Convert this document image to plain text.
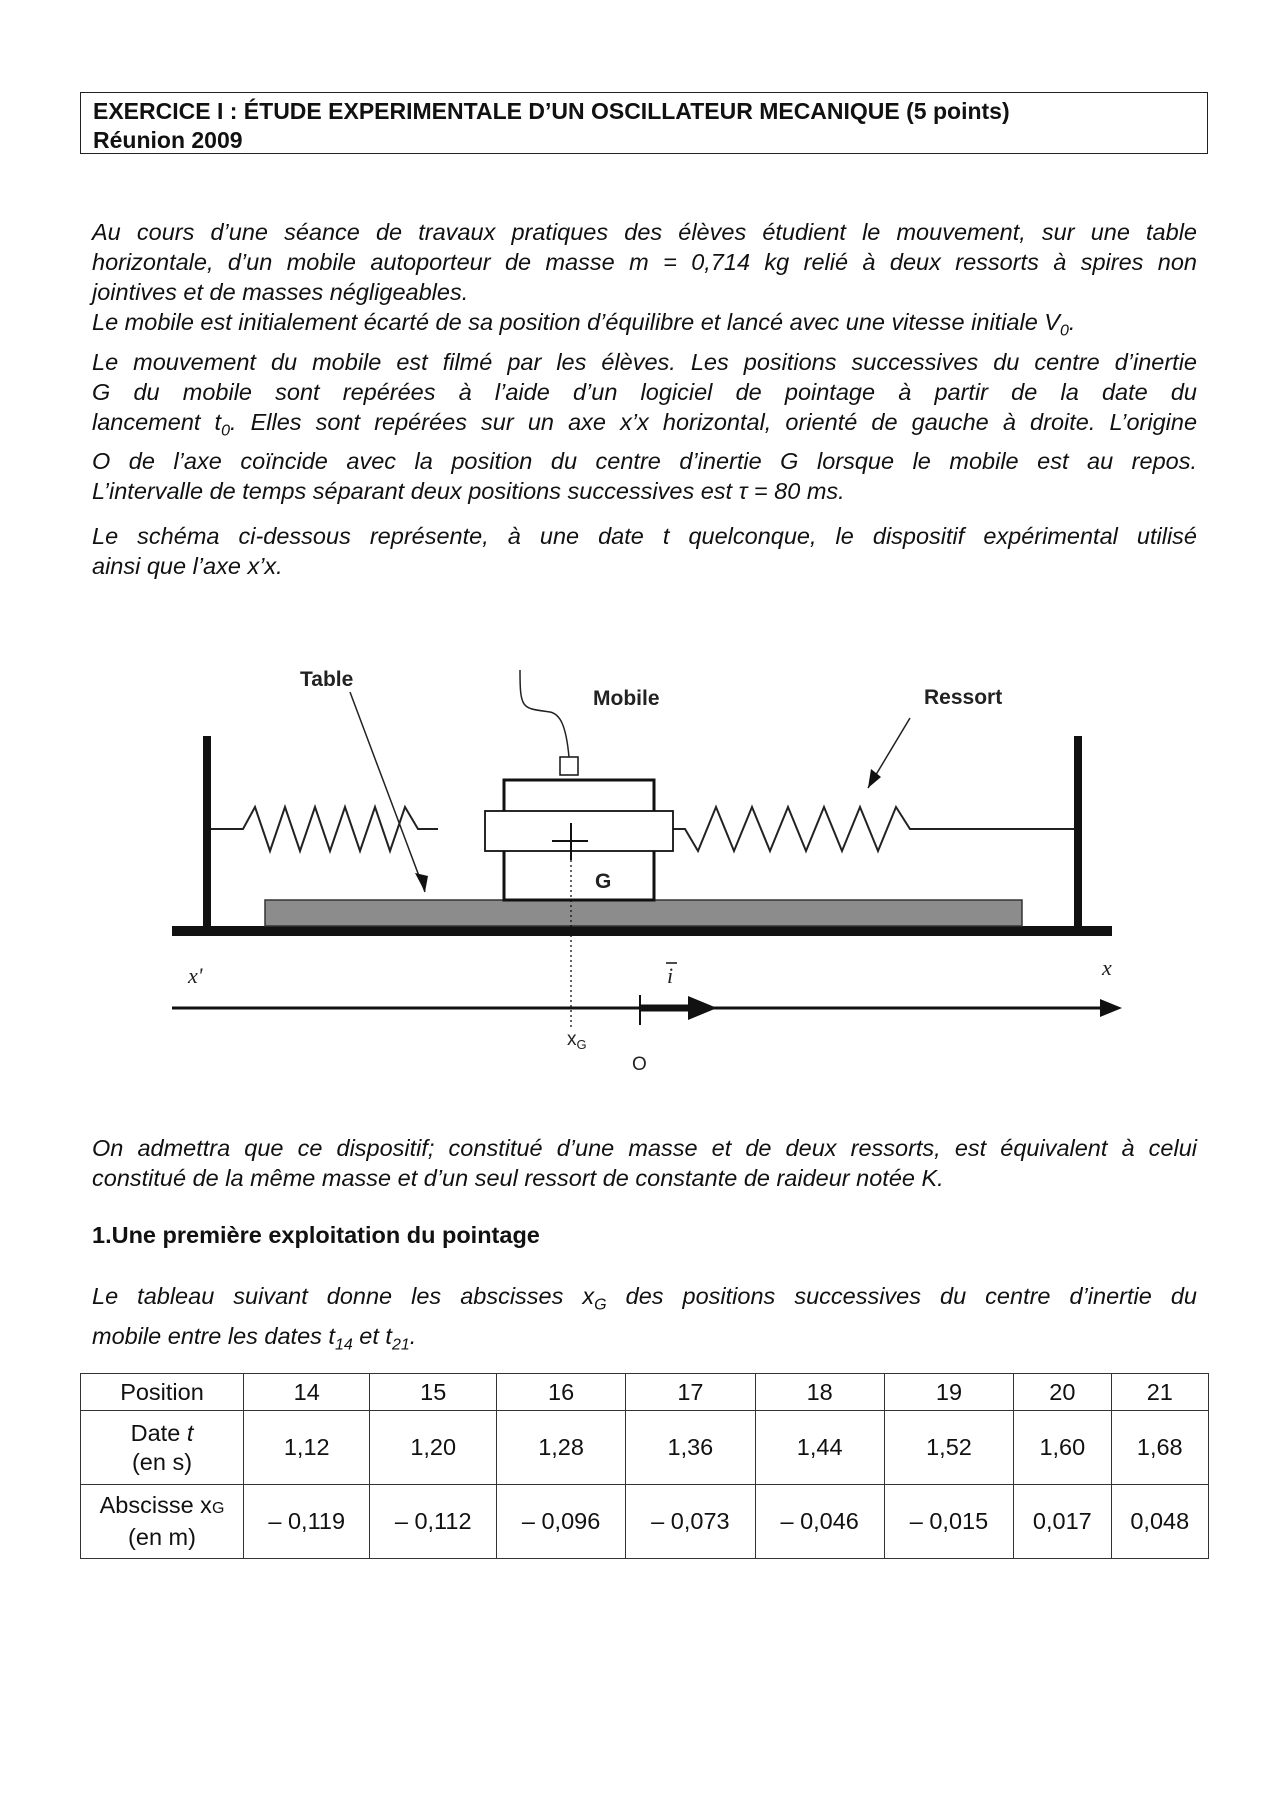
EXERCICE I : ÉTUDE EXPERIMENTALE D’UN OSCILLATEUR MECANIQUE (5 points)
Réunion 2009
Au cours d’une séance de travaux pratiques des élèves étudient le mouvement, sur une table
horizontale, d’un mobile autoporteur de masse m = 0,714 kg relié à deux ressorts à spires non
jointives et de masses négligeables.
Le mobile est initialement écarté de sa position d’équilibre et lancé avec une vitesse initiale $V_0$.
Le mouvement du mobile est filmé par les élèves. Les positions successives du centre d’inertie
G du mobile sont repérées à l’aide d’un logiciel de pointage à partir de la date du
lancement $t_0$. Elles sont repérées sur un axe x’x horizontal, orienté de gauche à droite. L’origine
O de l’axe coïncide avec la position du centre d’inertie G lorsque le mobile est au repos.
L’intervalle de temps séparant deux positions successives est τ = 80 ms.
Le schéma ci-dessous représente, à une date t quelconque, le dispositif expérimental utilisé
ainsi que l’axe x’x.
Table
Mobile	Ressort
G
x'	x
i
$x_G$
O
On admettra que ce dispositif; constitué d’une masse et de deux ressorts, est équivalent à celui
constitué de la même masse et d’un seul ressort de constante de raideur notée K.
1.Une première exploitation du pointage
Le tableau suivant donne les abscisses $x_G$ des positions successives du centre d’inertie du
mobile entre les dates $t_{14}$ et $t_{21}$.
Position	14	15	16	17	18	19	20	21
Date t
(en s)	1,12	1,20	1,28	1,36	1,44	1,52	1,60	1,68
Abscisse xG
(en m)	– 0,119	– 0,112	– 0,096	– 0,073	– 0,046	– 0,015	0,017	0,048
